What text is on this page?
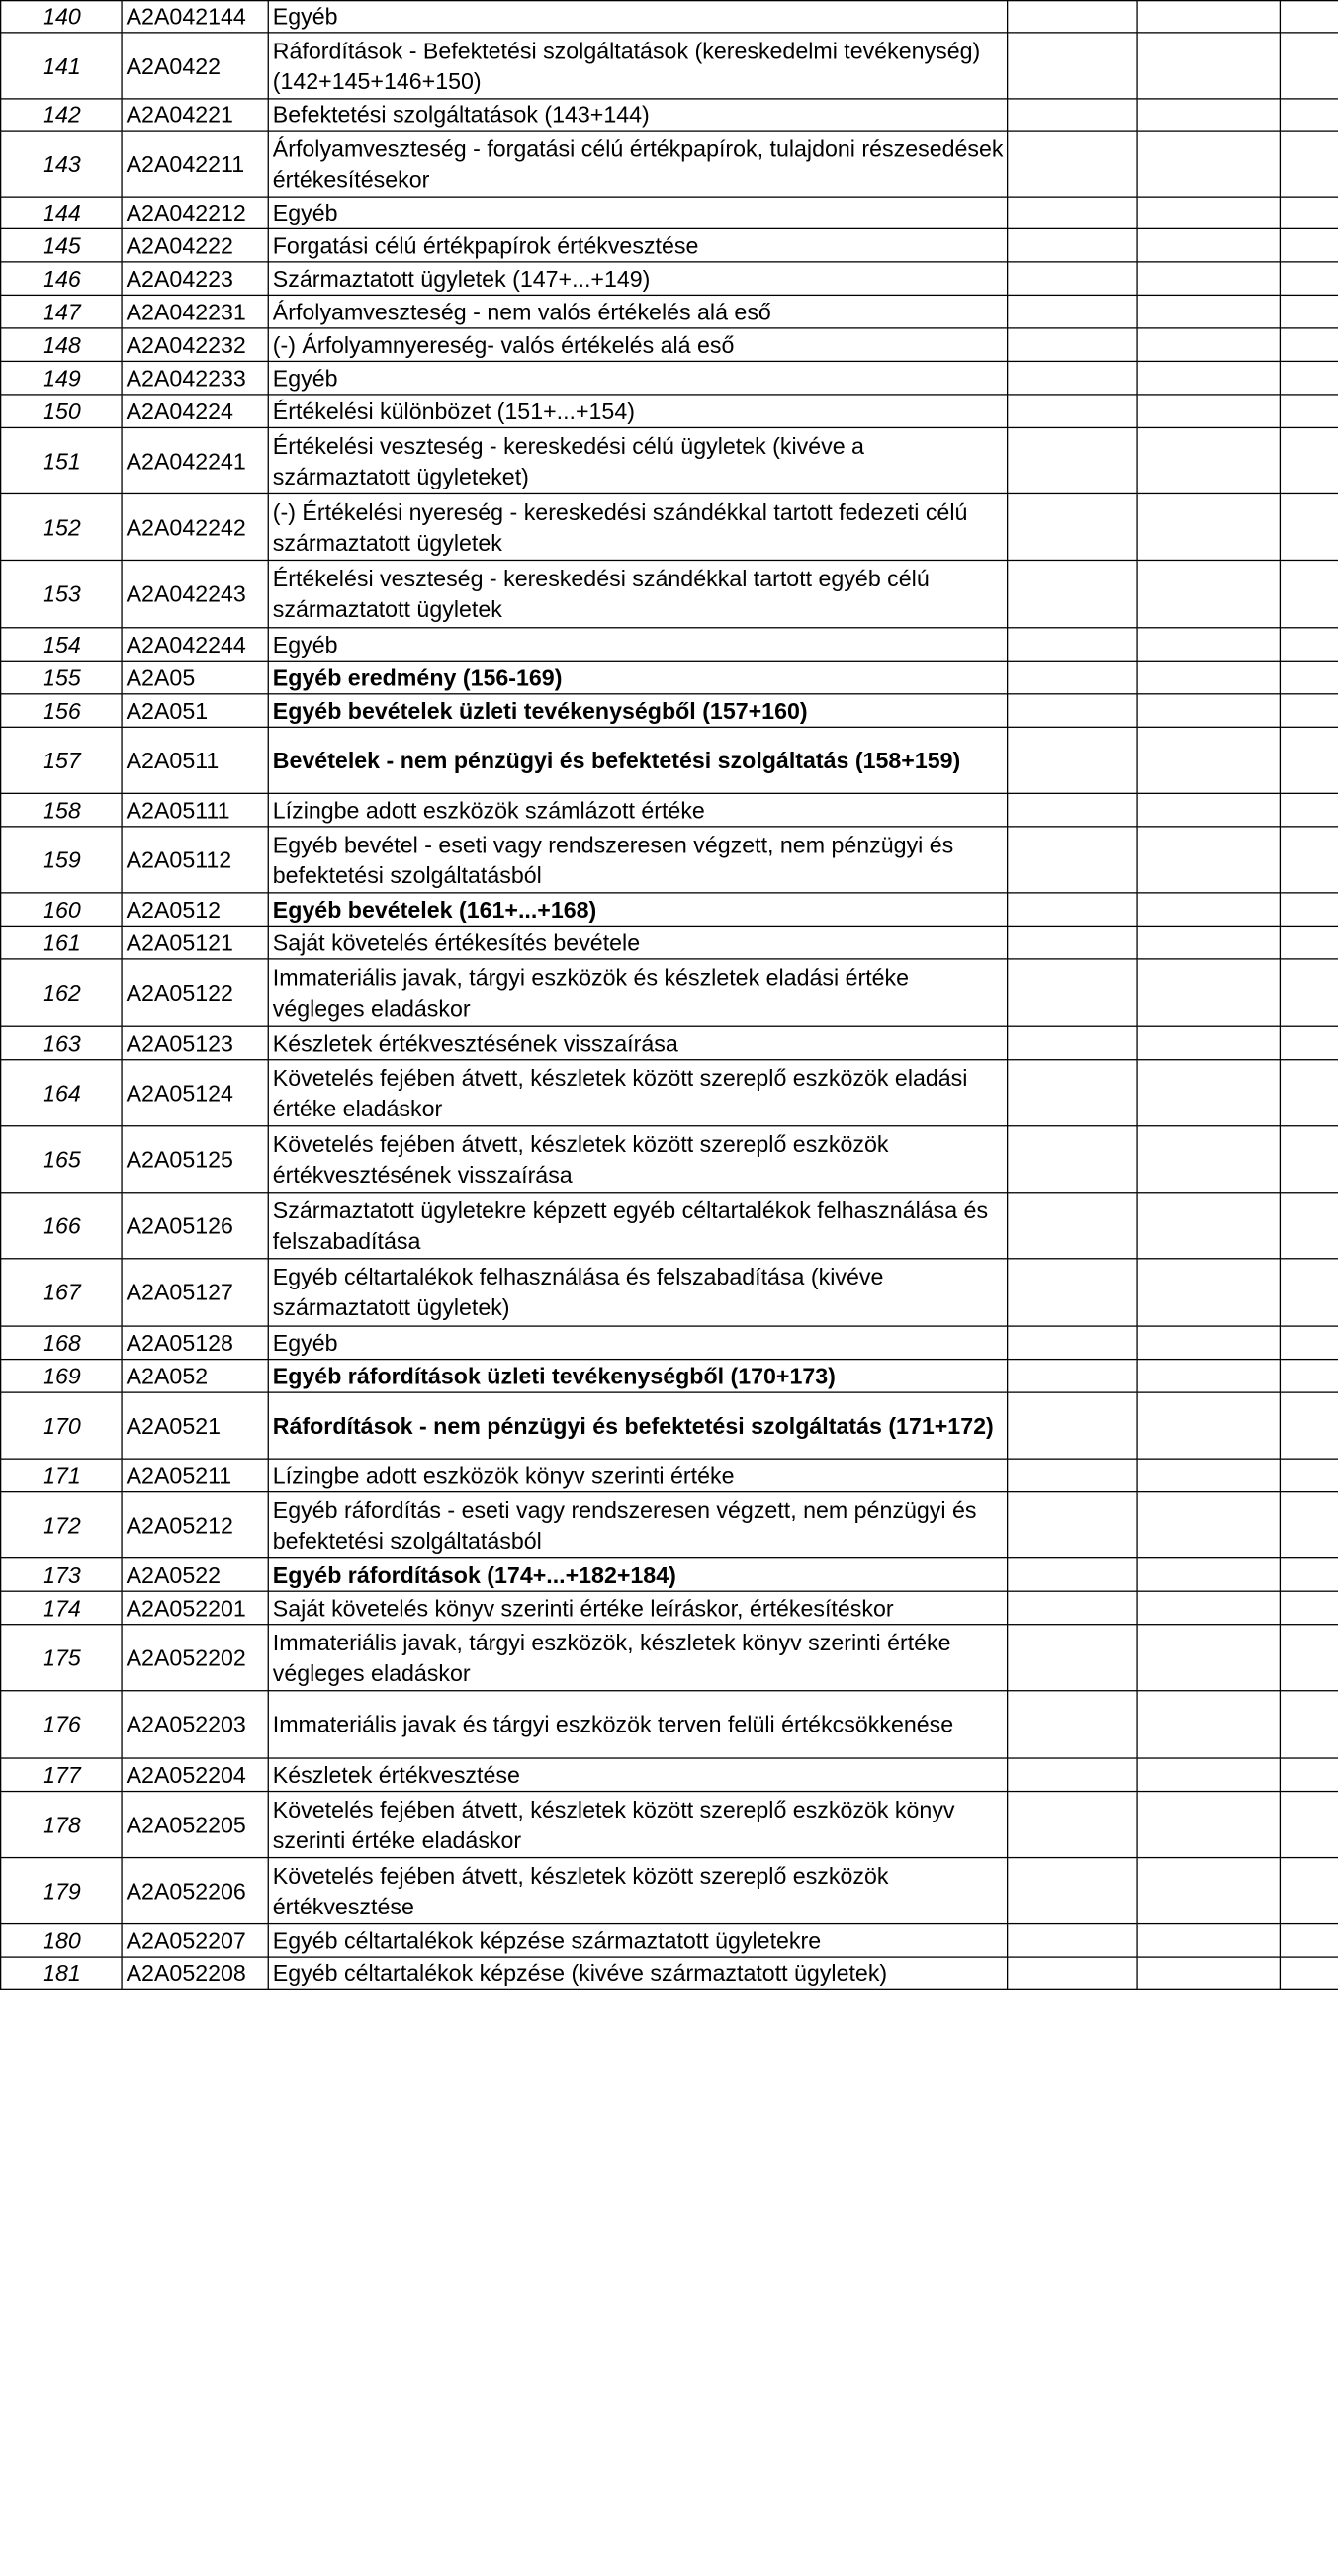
140	A2A042144	Egyéb			
141	A2A0422	Ráfordítások - Befektetési szolgáltatások (kereskedelmi tevékenység) (142+145+146+150)			
142	A2A04221	Befektetési szolgáltatások (143+144)			
143	A2A042211	Árfolyamveszteség - forgatási célú értékpapírok, tulajdoni részesedések értékesítésekor			
144	A2A042212	Egyéb			
145	A2A04222	Forgatási célú értékpapírok értékvesztése			
146	A2A04223	Származtatott ügyletek (147+...+149)			
147	A2A042231	Árfolyamveszteség - nem valós értékelés alá eső			
148	A2A042232	(-) Árfolyamnyereség- valós értékelés alá eső			
149	A2A042233	Egyéb			
150	A2A04224	Értékelési különbözet (151+...+154)			
151	A2A042241	Értékelési veszteség - kereskedési célú ügyletek (kivéve a származtatott ügyleteket)			
152	A2A042242	(-) Értékelési nyereség - kereskedési szándékkal tartott fedezeti célú származtatott ügyletek			
153	A2A042243	Értékelési veszteség - kereskedési szándékkal tartott egyéb célú származtatott ügyletek			
154	A2A042244	Egyéb			
155	A2A05	Egyéb eredmény (156-169)			
156	A2A051	Egyéb bevételek üzleti tevékenységből (157+160)			
157	A2A0511	Bevételek - nem pénzügyi és befektetési szolgáltatás (158+159)			
158	A2A05111	Lízingbe adott eszközök számlázott értéke			
159	A2A05112	Egyéb bevétel - eseti vagy rendszeresen végzett, nem pénzügyi és befektetési szolgáltatásból			
160	A2A0512	Egyéb bevételek (161+...+168)			
161	A2A05121	Saját követelés értékesítés bevétele			
162	A2A05122	Immateriális javak, tárgyi eszközök és készletek eladási értéke végleges eladáskor			
163	A2A05123	Készletek értékvesztésének visszaírása			
164	A2A05124	Követelés fejében átvett, készletek között szereplő eszközök eladási értéke eladáskor			
165	A2A05125	Követelés fejében átvett, készletek között szereplő eszközök értékvesztésének visszaírása			
166	A2A05126	Származtatott ügyletekre képzett egyéb céltartalékok felhasználása és felszabadítása			
167	A2A05127	Egyéb céltartalékok felhasználása és felszabadítása (kivéve származtatott ügyletek)			
168	A2A05128	Egyéb			
169	A2A052	Egyéb ráfordítások üzleti tevékenységből (170+173)			
170	A2A0521	Ráfordítások - nem pénzügyi és befektetési szolgáltatás (171+172)			
171	A2A05211	Lízingbe adott eszközök könyv szerinti értéke			
172	A2A05212	Egyéb ráfordítás - eseti vagy rendszeresen végzett, nem pénzügyi és befektetési szolgáltatásból			
173	A2A0522	Egyéb ráfordítások (174+...+182+184)			
174	A2A052201	Saját követelés könyv szerinti értéke leíráskor, értékesítéskor			
175	A2A052202	Immateriális javak, tárgyi eszközök, készletek könyv szerinti értéke végleges eladáskor			
176	A2A052203	Immateriális javak és tárgyi eszközök terven felüli értékcsökkenése			
177	A2A052204	Készletek értékvesztése			
178	A2A052205	Követelés fejében átvett, készletek között szereplő eszközök könyv szerinti értéke eladáskor			
179	A2A052206	Követelés fejében átvett, készletek között szereplő eszközök értékvesztése			
180	A2A052207	Egyéb céltartalékok képzése származtatott ügyletekre			
181	A2A052208	Egyéb céltartalékok képzése (kivéve származtatott ügyletek)			
